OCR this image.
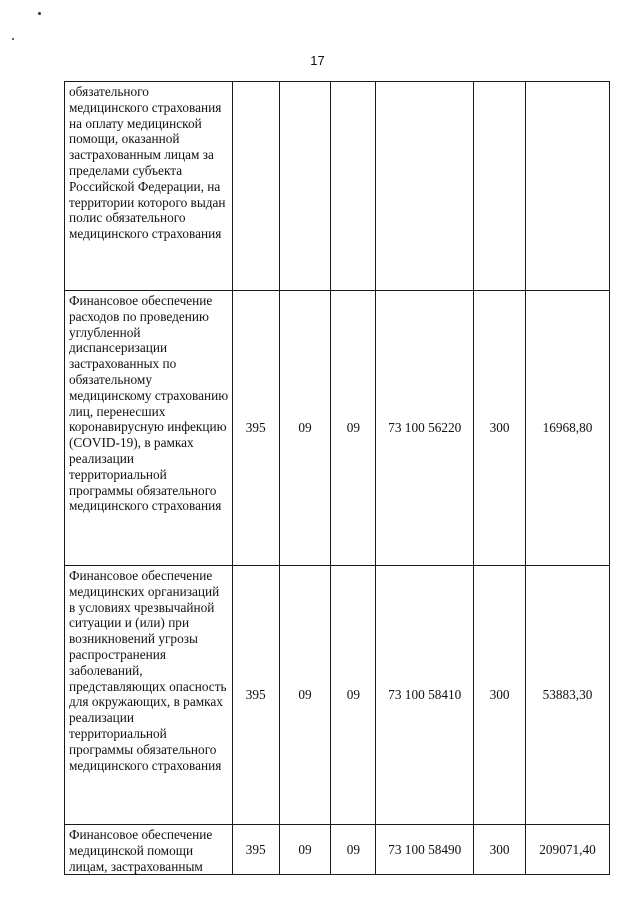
17
обязательного медицинского страхования на оплату медицинской помощи, оказанной застрахованным лицам за пределами субъекта Российской Федерации, на территории которого выдан полис обязательного медицинского страхования						
Финансовое обеспечение расходов по проведению углубленной диспансеризации застрахованных по обязательному медицинскому страхованию лиц, перенесших коронавирусную инфекцию (COVID-19), в рамках реализации территориальной программы обязательного медицинского страхования	395	09	09	73 100 56220	300	16968,80
Финансовое обеспечение медицинских организаций в условиях чрезвычайной ситуации и (или) при возникновений угрозы распространения заболеваний, представляющих опасность для окружающих, в рамках реализации территориальной программы обязательного медицинского страхования	395	09	09	73 100 58410	300	53883,30
Финансовое обеспечение медицинской помощи лицам, застрахованным	395	09	09	73 100 58490	300	209071,40
